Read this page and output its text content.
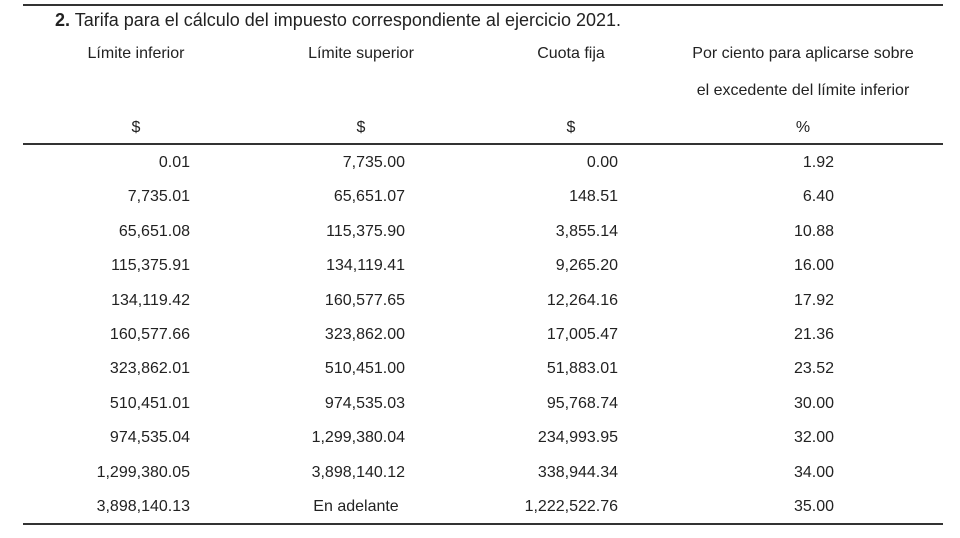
2. Tarifa para el cálculo del impuesto correspondiente al ejercicio 2021.
Límite inferior	Límite superior	Cuota fija	Por ciento para aplicarse sobre
el excedente del límite inferior
$	$	$	%
0.01	7,735.00	0.00	1.92
7,735.01	65,651.07	148.51	6.40
65,651.08	115,375.90	3,855.14	10.88
115,375.91	134,119.41	9,265.20	16.00
134,119.42	160,577.65	12,264.16	17.92
160,577.66	323,862.00	17,005.47	21.36
323,862.01	510,451.00	51,883.01	23.52
510,451.01	974,535.03	95,768.74	30.00
974,535.04	1,299,380.04	234,993.95	32.00
1,299,380.05	3,898,140.12	338,944.34	34.00
3,898,140.13	En adelante	1,222,522.76	35.00
